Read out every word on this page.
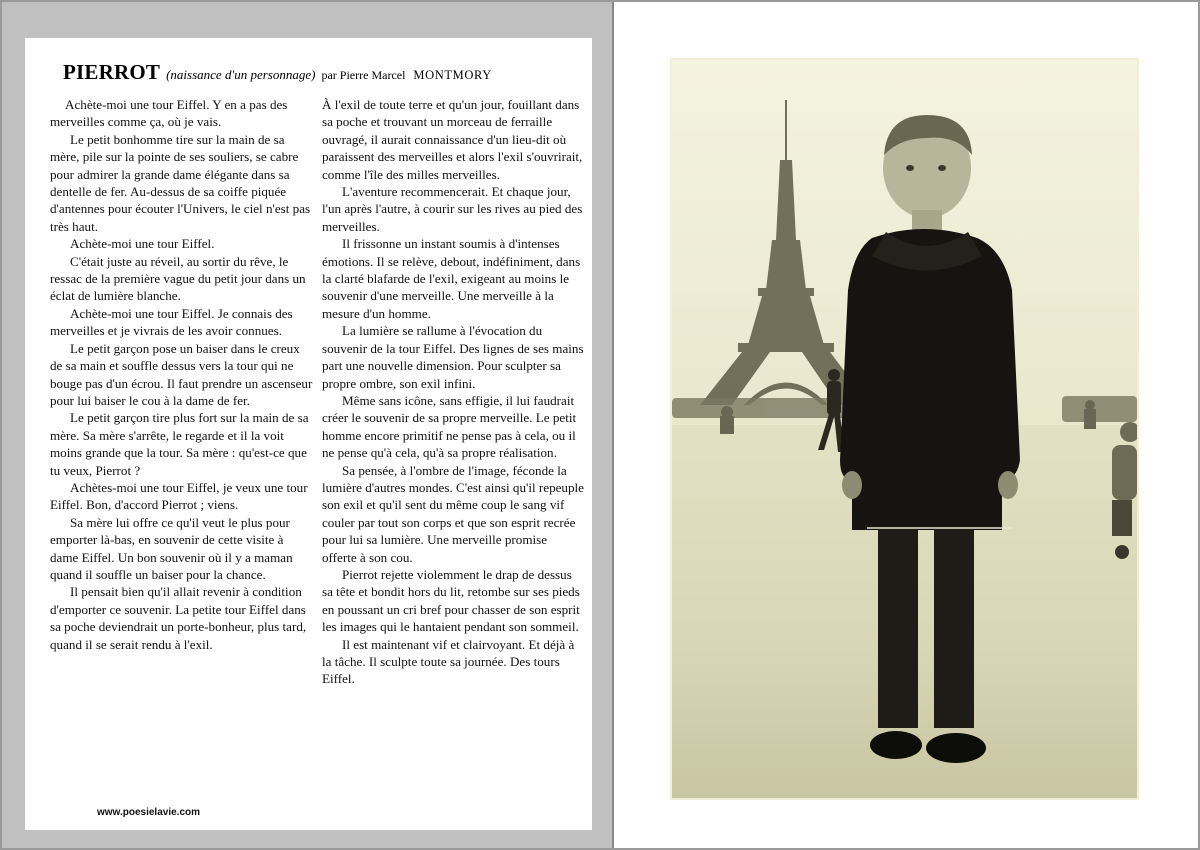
PIERROT (naissance d'un personnage) par Pierre Marcel MONTMORY

Achète-moi une tour Eiffel. Y en a pas des merveilles comme ça, où je vais.

Le petit bonhomme tire sur la main de sa mère, pile sur la pointe de ses souliers, se cabre pour admirer la grande dame élégante dans sa dentelle de fer. Au-dessus de sa coiffe piquée d'antennes pour écouter l'Univers, le ciel n'est pas très haut.

Achète-moi une tour Eiffel.

C'était juste au réveil, au sortir du rêve, le ressac de la première vague du petit jour dans un éclat de lumière blanche.

Achète-moi une tour Eiffel. Je connais des merveilles et je vivrais de les avoir connues.

Le petit garçon pose un baiser dans le creux de sa main et souffle dessus vers la tour qui ne bouge pas d'un écrou. Il faut prendre un ascenseur pour lui baiser le cou à la dame de fer.

Le petit garçon tire plus fort sur la main de sa mère. Sa mère s'arrête, le regarde et il la voit moins grande que la tour. Sa mère : qu'est-ce que tu veux, Pierrot ?

Achètes-moi une tour Eiffel, je veux une tour Eiffel. Bon, d'accord Pierrot ; viens.

Sa mère lui offre ce qu'il veut le plus pour emporter là-bas, en souvenir de cette visite à dame Eiffel. Un bon souvenir où il y a maman quand il souffle un baiser pour la chance.

Il pensait bien qu'il allait revenir à condition d'emporter ce souvenir. La petite tour Eiffel dans sa poche deviendrait un porte-bonheur, plus tard, quand il se serait rendu à l'exil.

À l'exil de toute terre et qu'un jour, fouillant dans sa poche et trouvant un morceau de ferraille ouvragé, il aurait connaissance d'un lieu-dit où paraissent des merveilles et alors l'exil s'ouvrirait, comme l'île des milles merveilles.

L'aventure recommencerait. Et chaque jour, l'un après l'autre, à courir sur les rives au pied des merveilles.

Il frissonne un instant soumis à d'intenses émotions. Il se relève, debout, indéfiniment, dans la clarté blafarde de l'exil, exigeant au moins le souvenir d'une merveille. Une merveille à la mesure d'un homme.

La lumière se rallume à l'évocation du souvenir de la tour Eiffel. Des lignes de ses mains part une nouvelle dimension. Pour sculpter sa propre ombre, son exil infini.

Même sans icône, sans effigie, il lui faudrait créer le souvenir de sa propre merveille. Le petit homme encore primitif ne pense pas à cela, ou il ne pense qu'à cela, qu'à sa propre réalisation.

Sa pensée, à l'ombre de l'image, féconde la lumière d'autres mondes. C'est ainsi qu'il repeuple son exil et qu'il sent du même coup le sang vif couler par tout son corps et que son esprit recrée pour lui sa lumière. Une merveille promise offerte à son cou.

Pierrot rejette violemment le drap de dessus sa tête et bondit hors du lit, retombe sur ses pieds en poussant un cri bref pour chasser de son esprit les images qui le hantaient pendant son sommeil.

Il est maintenant vif et clairvoyant. Et déjà à la tâche. Il sculpte toute sa journée. Des tours Eiffel.

www.poesielavie.com
